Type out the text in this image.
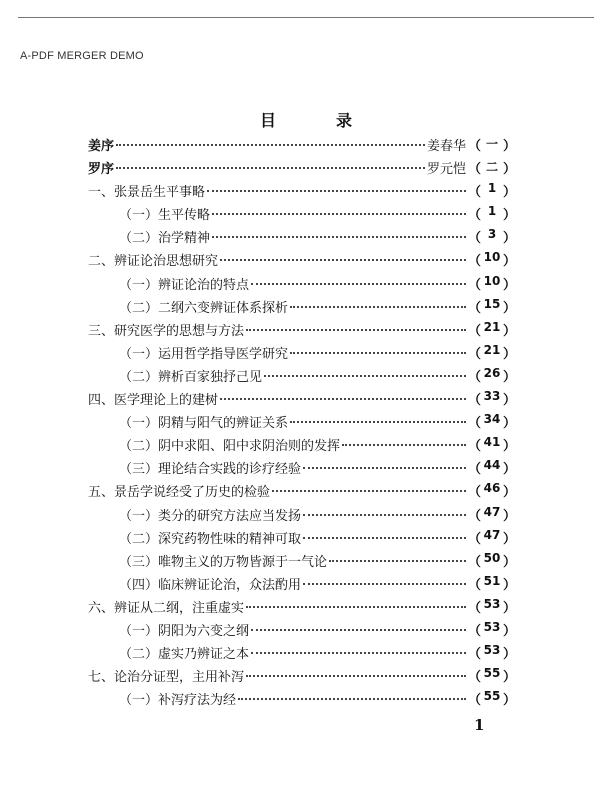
A-PDF MERGER DEMO
目　录
姜序	姜春华 （ 一 ）
罗序	罗元恺 （ 二 ）
一、张景岳生平事略	（ 1 ）
（一）生平传略	（ 1 ）
（二）治学精神	（ 3 ）
二、辨证论治思想研究	（ 10 ）
（一）辨证论治的特点	（ 10 ）
（二）二纲六变辨证体系探析	（ 15 ）
三、研究医学的思想与方法	（ 21 ）
（一）运用哲学指导医学研究	（ 21 ）
（二）辨析百家独抒己见	（ 26 ）
四、医学理论上的建树	（ 33 ）
（一）阴精与阳气的辨证关系	（ 34 ）
（二）阴中求阳、阳中求阴治则的发挥	（ 41 ）
（三）理论结合实践的诊疗经验	（ 44 ）
五、景岳学说经受了历史的检验	（ 46 ）
（一）类分的研究方法应当发扬	（ 47 ）
（二）深究药物性味的精神可取	（ 47 ）
（三）唯物主义的万物皆源于一气论	（ 50 ）
（四）临床辨证论治，众法酌用	（ 51 ）
六、辨证从二纲，注重虚实	（ 53 ）
（一）阴阳为六变之纲	（ 53 ）
（二）虚实乃辨证之本	（ 53 ）
七、论治分证型，主用补泻	（ 55 ）
（一）补泻疗法为经	（ 55 ）
1
